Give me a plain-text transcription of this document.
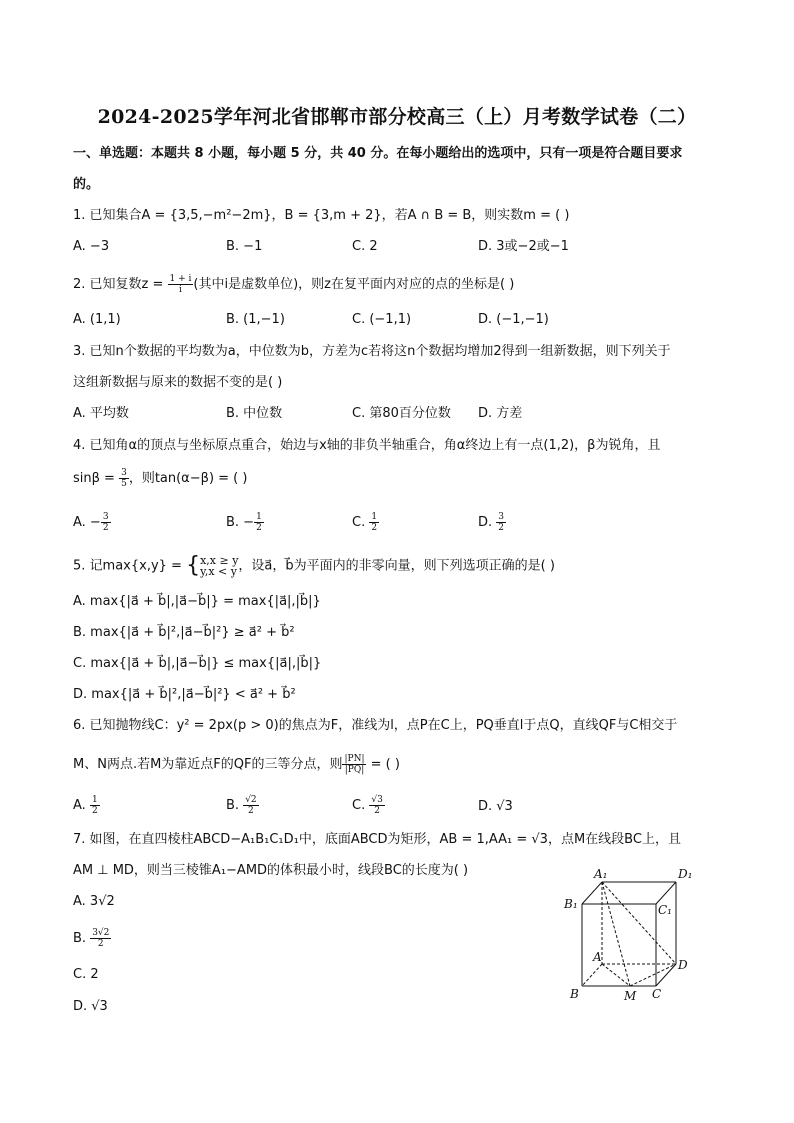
2024-2025学年河北省邯郸市部分校高三（上）月考数学试卷（二）
一、单选题：本题共 8 小题，每小题 5 分，共 40 分。在每小题给出的选项中，只有一项是符合题目要求
的。
1. 已知集合A = {3,5,−m²−2m}，B = {3,m + 2}，若A ∩ B = B，则实数m = ( )
A. −3	B. −1	C. 2	D. 3或−2或−1
2. 已知复数$z = \frac{1 + i}{i}$ (其中i是虚数单位)，则z在复平面内对应的点的坐标是( )
A. (1,1)	B. (1,−1)	C. (−1,1)	D. (−1,−1)
3. 已知n个数据的平均数为a，中位数为b，方差为c若将这n个数据均增加2得到一组新数据，则下列关于
这组新数据与原来的数据不变的是( )
A. 平均数	B. 中位数	C. 第80百分位数 D. 方差
4. 已知角α的顶点与坐标原点重合，始边与x轴的非负半轴重合，角α终边上有一点(1,2)，β为锐角，且
$\sin\beta = \frac{3}{5}$ ，则tan(α−β) = ( )
A. − $\frac{3}{2}$	B. − $\frac{1}{2}$	C. $\frac{1}{2}$	D. $\frac{3}{2}$
5. 记max{x,y} = { x,x ≥ y
y,x < y ，设a⃗，b⃗为平面内的非零向量，则下列选项正确的是( )
A. max{|a⃗ + b⃗|,|a⃗−b⃗|} = max{|a⃗|,|b⃗|}
B. max{|a⃗ + b⃗|²,|a⃗−b⃗|²} ≥ a⃗² + b⃗²
C. max{|a⃗ + b⃗|,|a⃗−b⃗|} ≤ max{|a⃗|,|b⃗|}
D. max{|a⃗ + b⃗|²,|a⃗−b⃗|²} < a⃗² + b⃗²
6. 已知抛物线C：y² = 2px(p > 0)的焦点为F，准线为l，点P在C上，PQ垂直l于点Q，直线QF与C相交于
M、N两点.若M为靠近点F的QF的三等分点，则 $\frac{|PN|}{|PQ|}$ = ( )
A. $\frac{1}{2}$	B. $\frac{√2}{2}$	C. $\frac{√3}{2}$	D. √3
7. 如图，在直四棱柱ABCD−A₁B₁C₁D₁中，底面ABCD为矩形，AB = 1,AA₁ = √3，点M在线段BC上，且
AM ⊥ MD，则当三棱锥A₁−AMD的体积最小时，线段BC的长度为( )
A. 3√2
B. $\frac{3√2}{2}$
C. 2
D. √3
A₁	D₁
B₁	C₁
A
D
B	M C
